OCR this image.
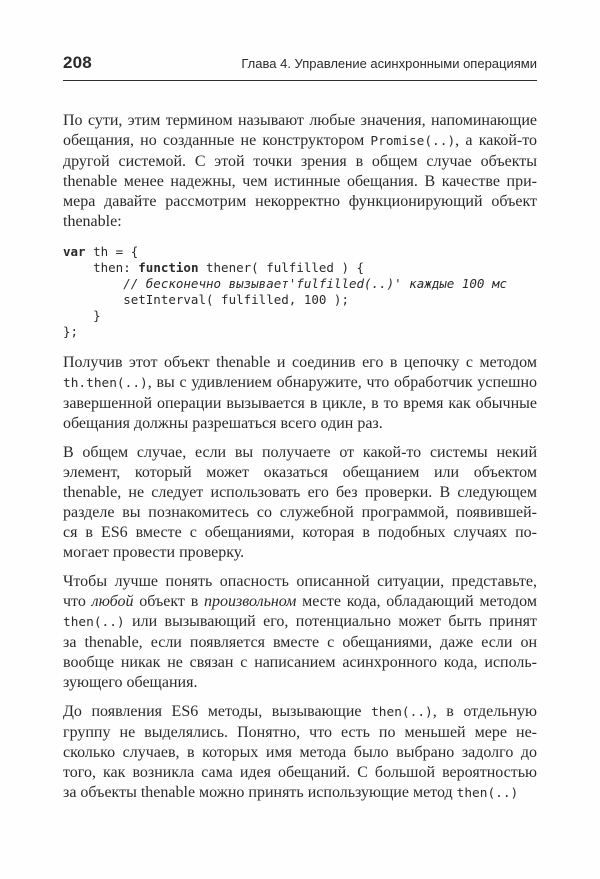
208	Глава 4. Управление асинхронными операциями
По сути, этим термином называют любые значения, напоминающие
обещания, но созданные не конструктором Promise(..), а какой-то
другой системой. С этой точки зрения в общем случае объекты
thenable менее надежны, чем истинные обещания. В качестве при-
мера давайте рассмотрим некорректно функционирующий объект
thenable:
var th = {
then: function thener( fulfilled ) {
// бесконечно вызывает'fulfilled(..)' каждые 100 мс
setInterval( fulfilled, 100 );
}
};
Получив этот объект thenable и соединив его в цепочку с методом
th.then(..), вы с удивлением обнаружите, что обработчик успешно
завершенной операции вызывается в цикле, в то время как обычные
обещания должны разрешаться всего один раз.
В общем случае, если вы получаете от какой-то системы некий
элемент, который может оказаться обещанием или объектом
thenable, не следует использовать его без проверки. В следующем
разделе вы познакомитесь со служебной программой, появившей-
ся в ES6 вместе с обещаниями, которая в подобных случаях по-
могает провести проверку.
Чтобы лучше понять опасность описанной ситуации, представьте,
что любой объект в произвольном месте кода, обладающий методом
then(..) или вызывающий его, потенциально может быть принят
за thenable, если появляется вместе с обещаниями, даже если он
вообще никак не связан с написанием асинхронного кода, исполь-
зующего обещания.
До появления ES6 методы, вызывающие then(..), в отдельную
группу не выделялись. Понятно, что есть по меньшей мере не-
сколько случаев, в которых имя метода было выбрано задолго до
того, как возникла сама идея обещаний. С большой вероятностью
за объекты thenable можно принять использующие метод then(..)
